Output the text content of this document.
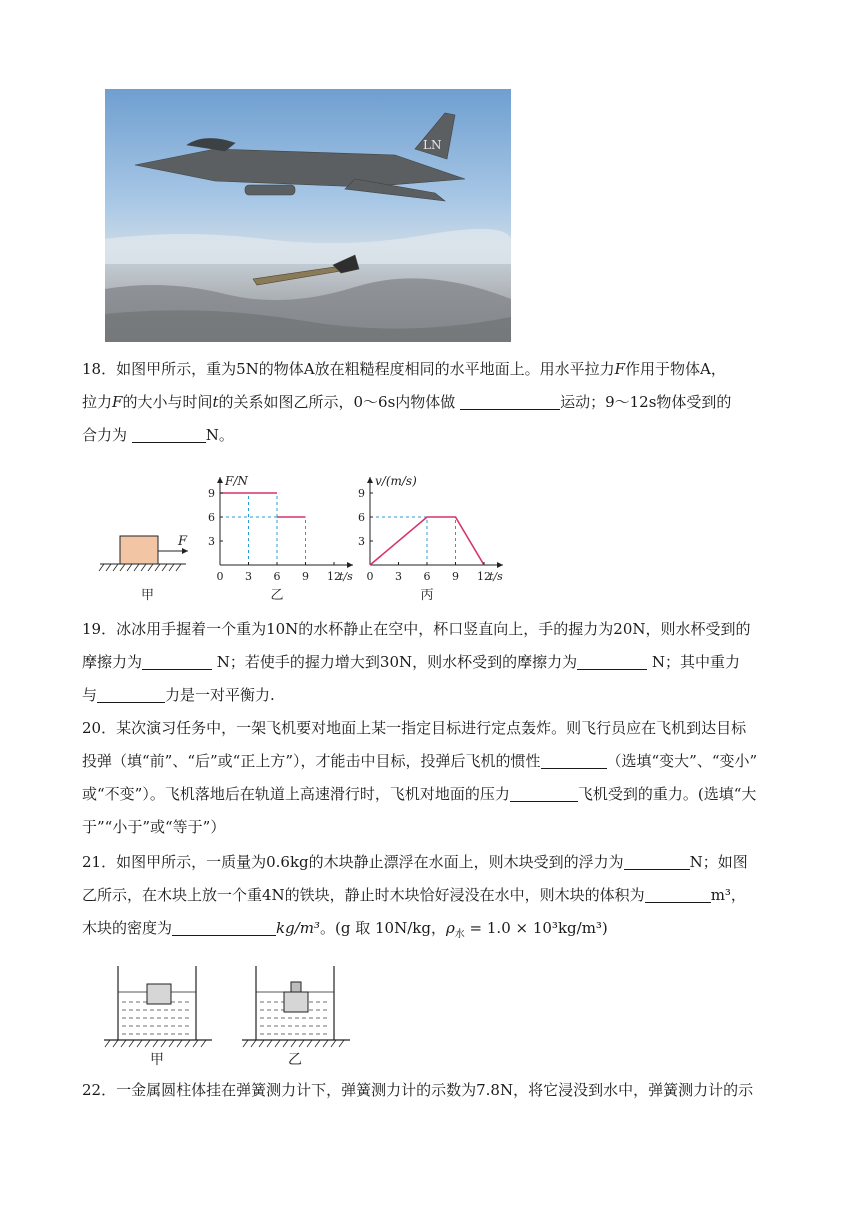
LN

18．如图甲所示，重为5N的物体A放在粗糙程度相同的水平地面上。用水平拉力F作用于物体A，

拉力F的大小与时间t的关系如图乙所示，0～6s内物体做	运动；9～12s物体受到的

合力为	N。

F
甲
0 3 6 9 12
3
6
9
F/N
t/s
乙
0 3 6 9 12
3
6
9
v/(m/s)
t/s
丙

19．冰冰用手握着一个重为10N的水杯静止在空中，杯口竖直向上，手的握力为20N，则水杯受到的

摩擦力为	N；若使手的握力增大到30N，则水杯受到的摩擦力为	N；其中重力

与	力是一对平衡力.

20．某次演习任务中，一架飞机要对地面上某一指定目标进行定点轰炸。则飞行员应在飞机到达目标

投弹（填“前”、“后”或“正上方”），才能击中目标，投弹后飞机的惯性	（选填“变大”、“变小”

或“不变”）。飞机落地后在轨道上高速滑行时，飞机对地面的压力	飞机受到的重力。(选填“大

于”“小于”或“等于”）

21．如图甲所示，一质量为0.6kg的木块静止漂浮在水面上，则木块受到的浮力为	N；如图

乙所示，在木块上放一个重4N的铁块，静止时木块恰好浸没在水中，则木块的体积为	m³，

木块的密度为	kg/m³。(g 取 10N/kg，$\rho_水 = 1.0 \times 10^3kg/m^3$)

甲	乙

22．一金属圆柱体挂在弹簧测力计下，弹簧测力计的示数为7.8N，将它浸没到水中，弹簧测力计的示
